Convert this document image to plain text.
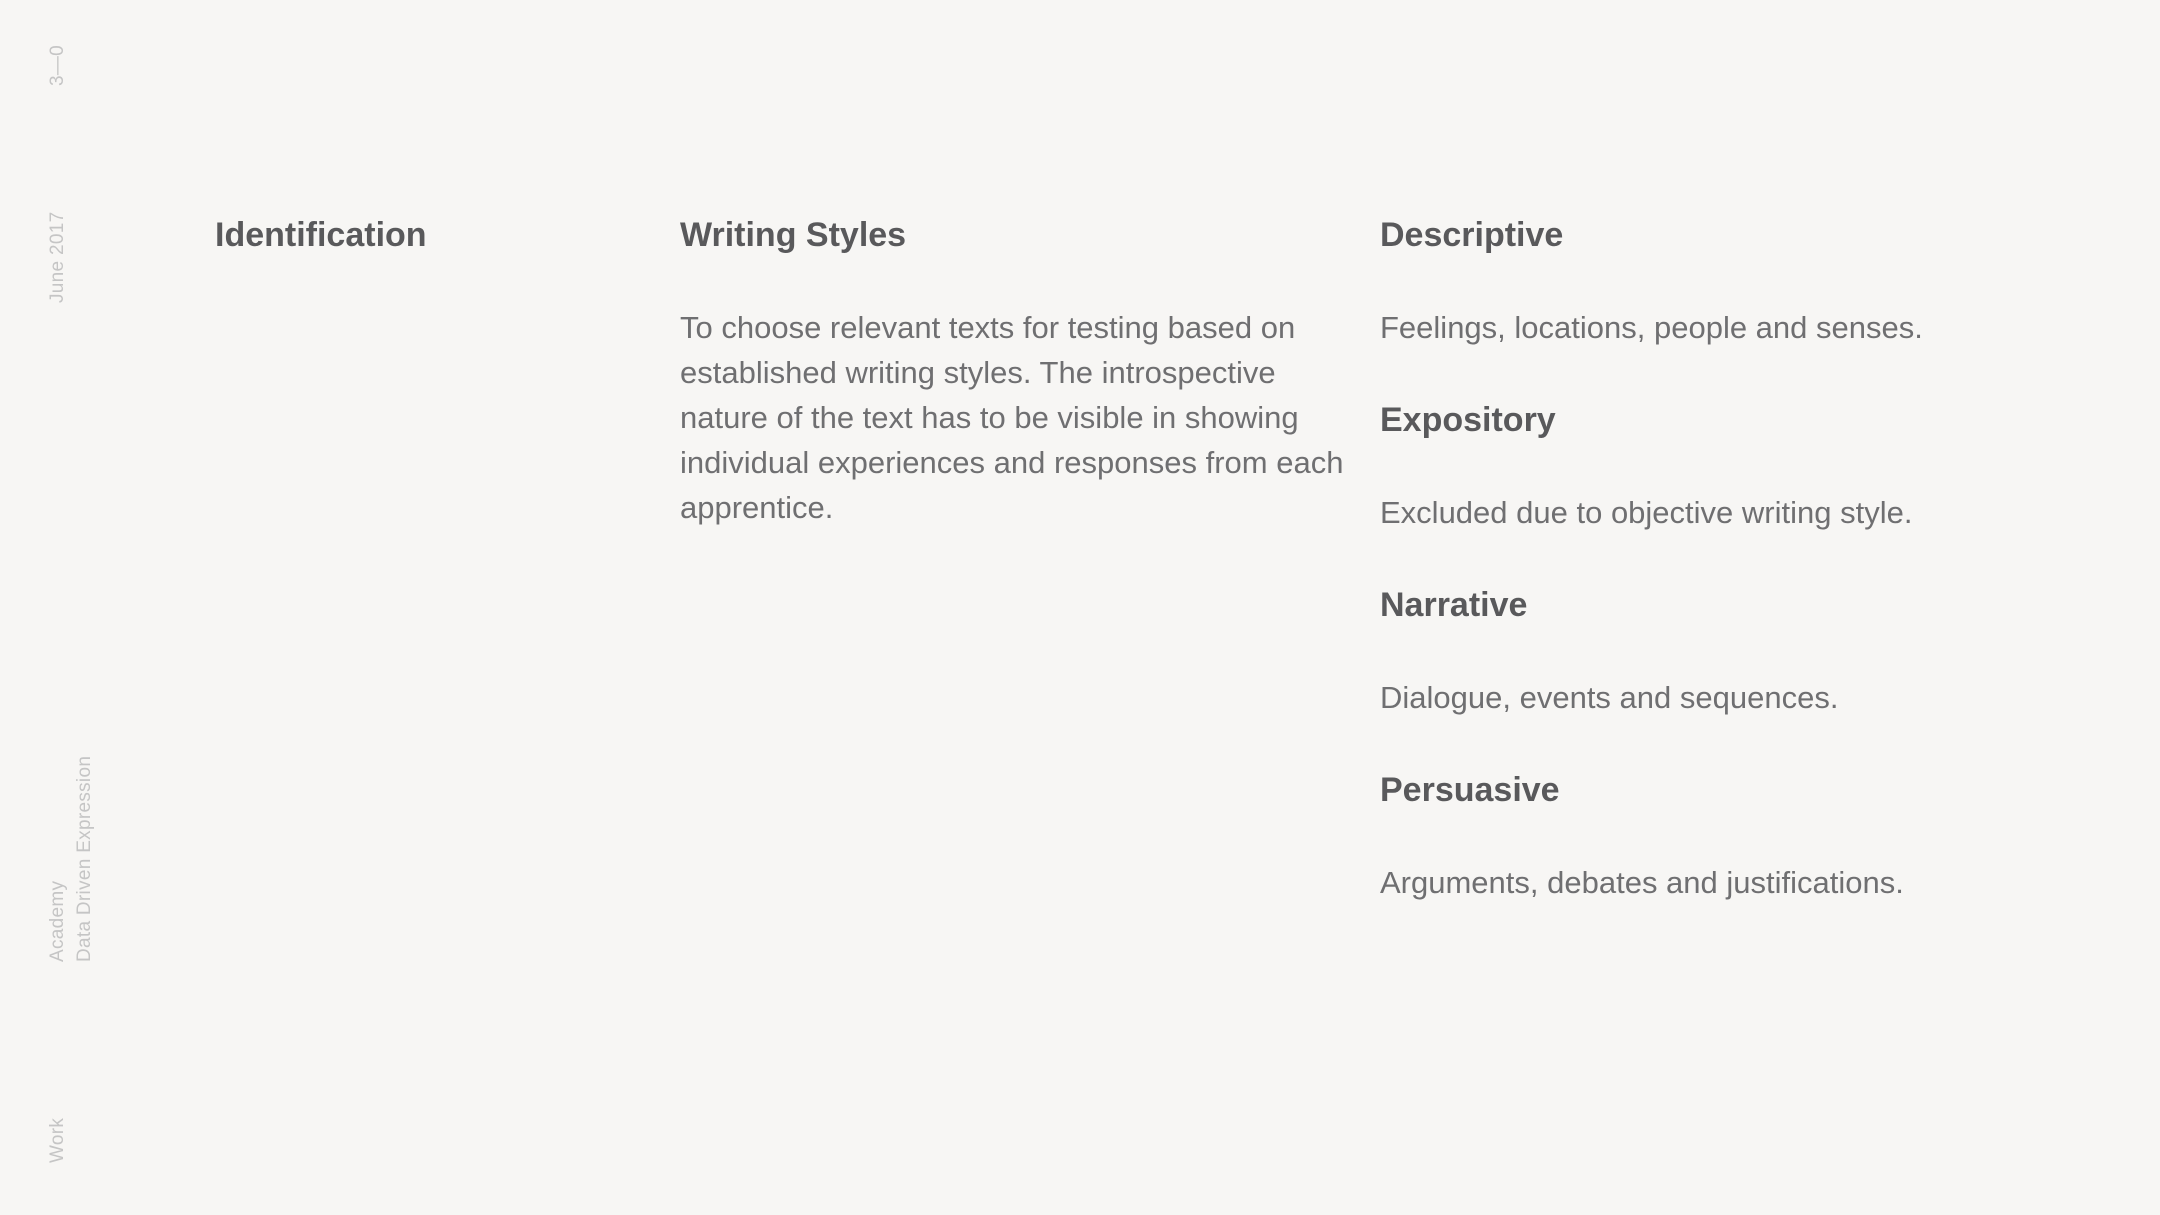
3—0
June 2017
Academy Data Driven Expression
Work
Identification	Writing Styles

To choose relevant texts for testing based on established writing styles. The introspective nature of the text has to be visible in showing individual experiences and responses from each apprentice.

Descriptive

Feelings, locations, people and senses.

Expository

Excluded due to objective writing style.

Narrative

Dialogue, events and sequences.

Persuasive

Arguments, debates and justifications.
